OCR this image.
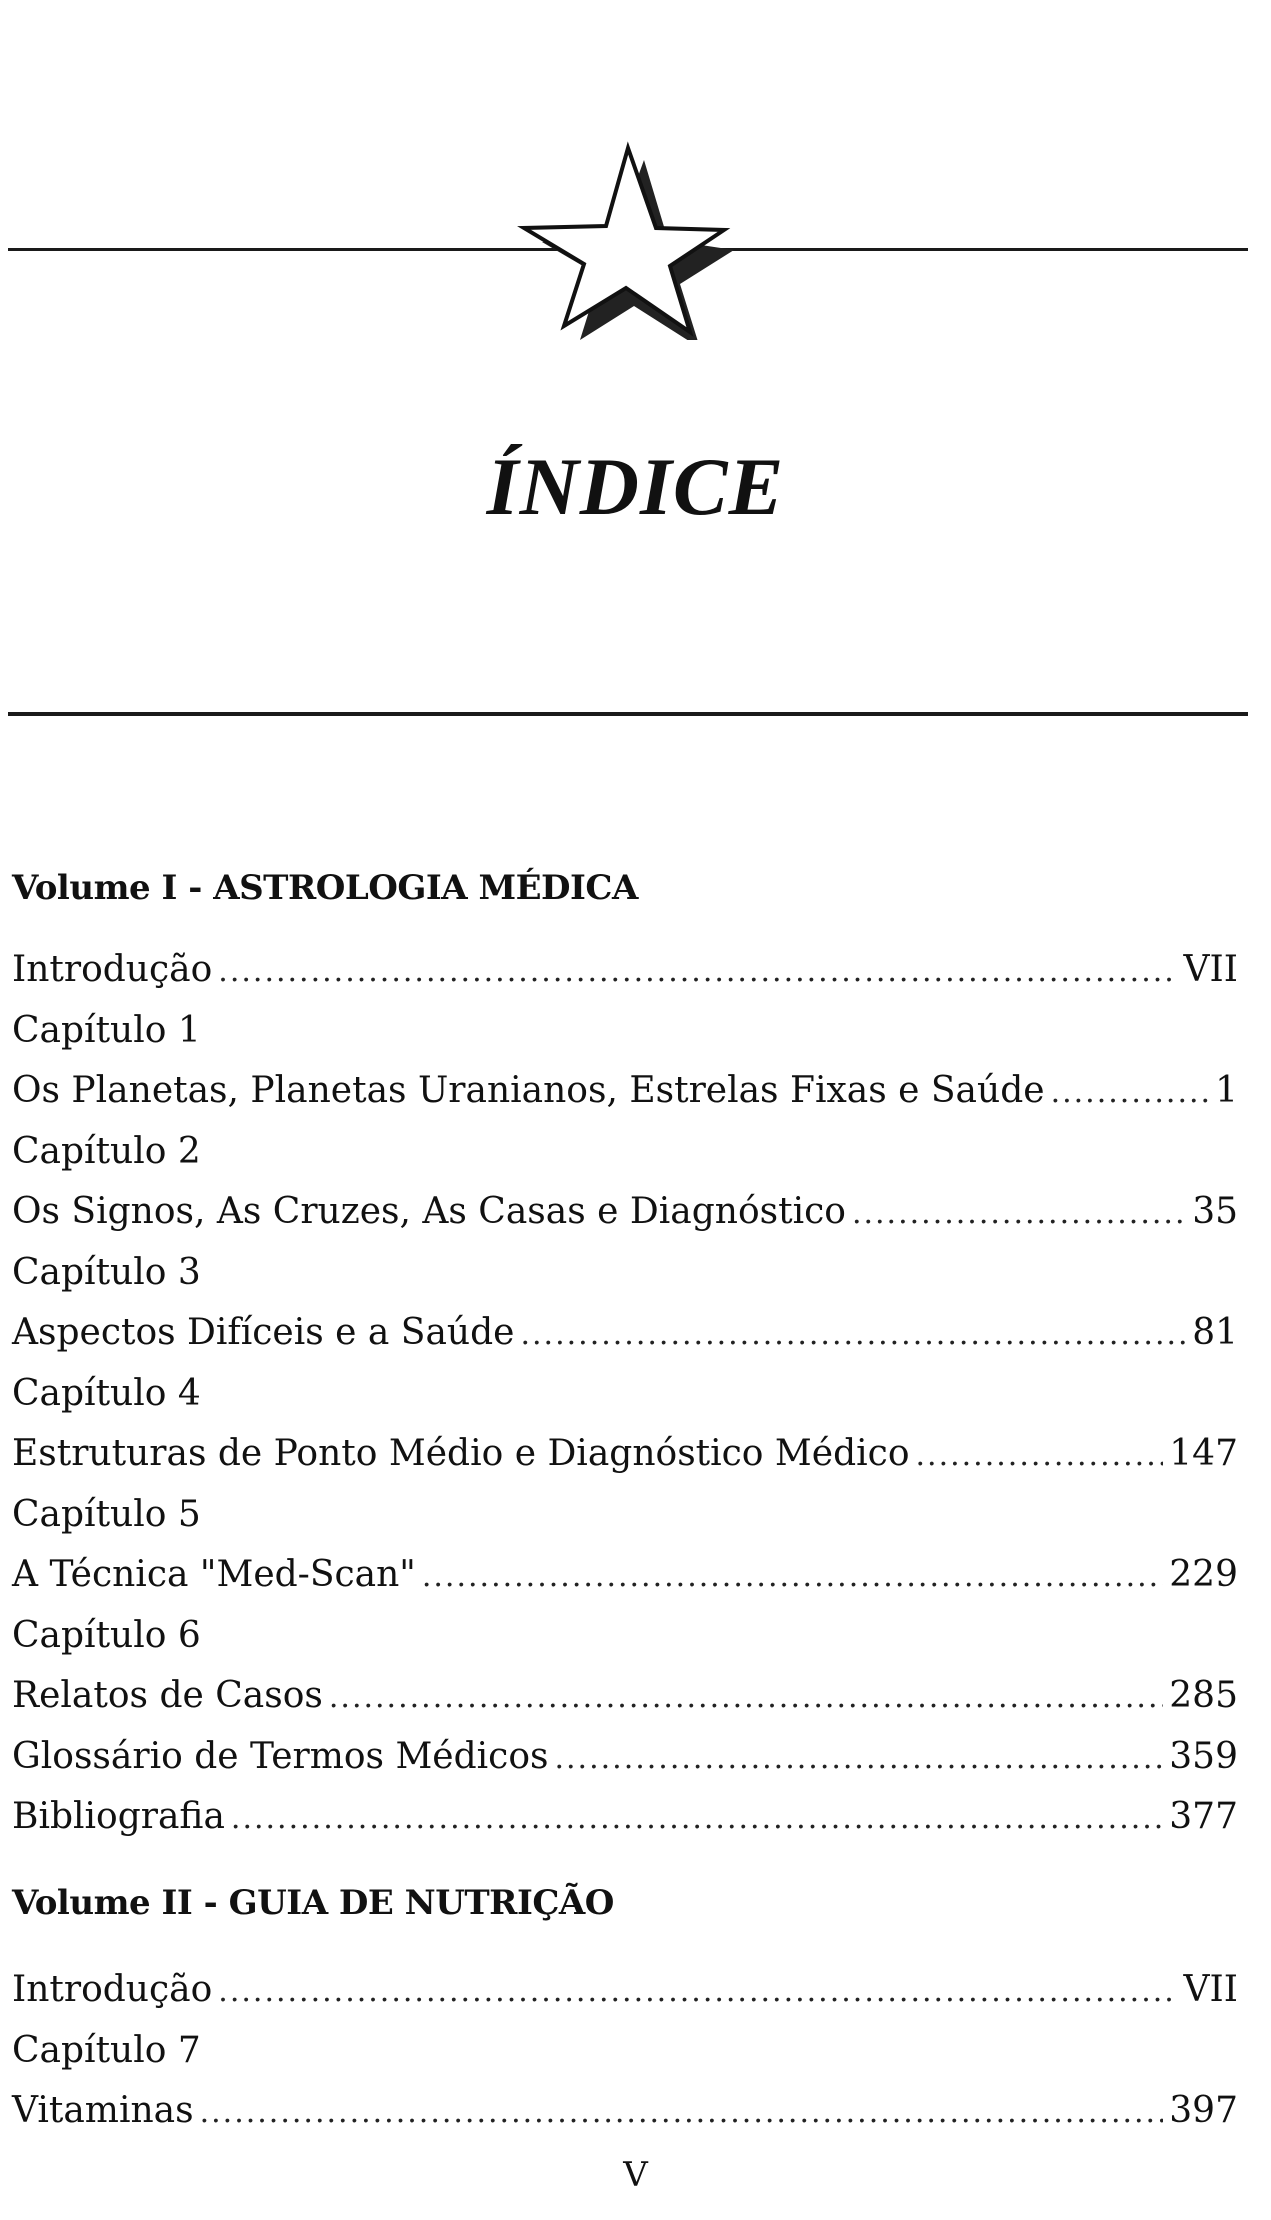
ÍNDICE
Volume I - ASTROLOGIA MÉDICA
Introdução .....	VII
Capítulo 1
Os Planetas, Planetas Uranianos, Estrelas Fixas e Saúde .....	1
Capítulo 2
Os Signos, As Cruzes, As Casas e Diagnóstico .....	35
Capítulo 3
Aspectos Difíceis e a Saúde .....	81
Capítulo 4
Estruturas de Ponto Médio e Diagnóstico Médico .....	147
Capítulo 5
A Técnica "Med-Scan" .....	229
Capítulo 6
Relatos de Casos .....	285
Glossário de Termos Médicos .....	359
Bibliografia .....	377
Volume II - GUIA DE NUTRIÇÃO
Introdução .....	VII
Capítulo 7
Vitaminas .....	397
V
